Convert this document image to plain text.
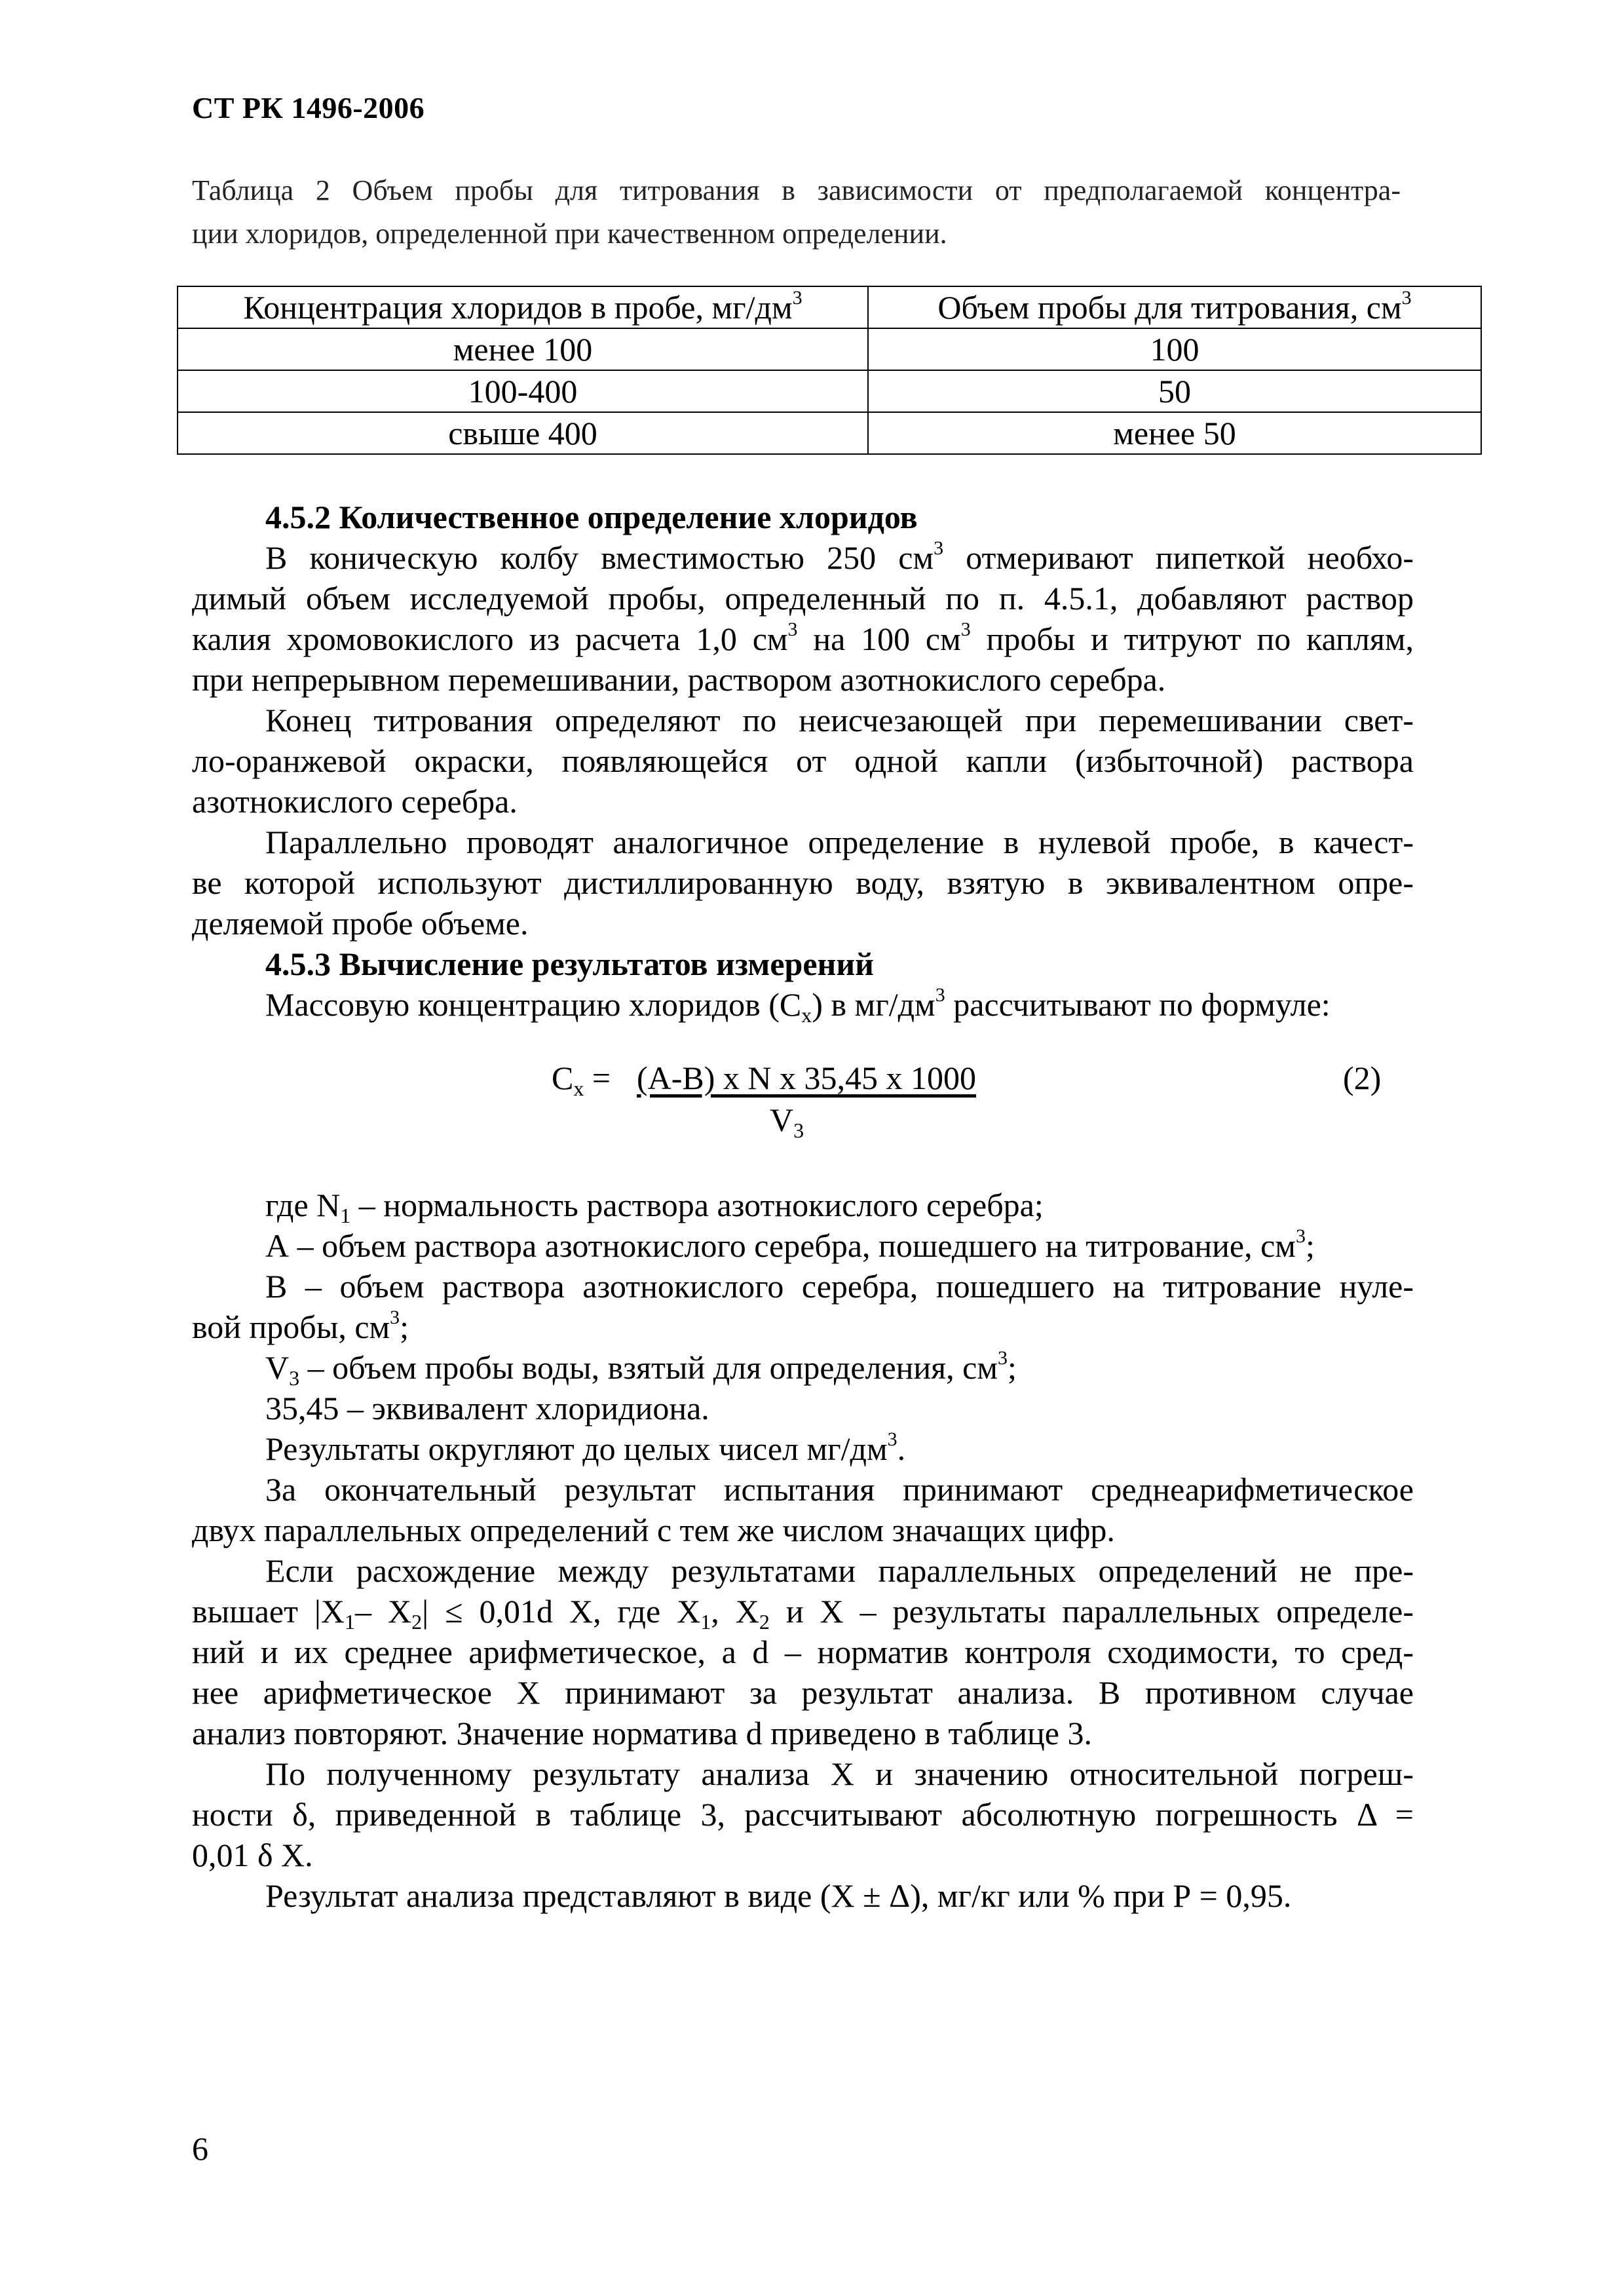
СТ РК 1496-2006
Таблица 2 Объем пробы для титрования в зависимости от предполагаемой концентра-
ции хлоридов, определенной при качественном определении.
Концентрация хлоридов в пробе, $мг/дм^3$	Объем пробы для титрования, $см^3$
менее 100	100
100-400	50
свыше 400	менее 50
4.5.2 Количественное определение хлоридов
В коническую колбу вместимостью 250 $см^3$ отмеривают пипеткой необхо-
димый объем исследуемой пробы, определенный по п. 4.5.1, добавляют раствор
калия хромовокислого из расчета 1,0 $см^3$ на 100 $см^3$ пробы и титруют по каплям,
при непрерывном перемешивании, раствором азотнокислого серебра.
Конец титрования определяют по неисчезающей при перемешивании свет-
ло-оранжевой окраски, появляющейся от одной капли (избыточной) раствора
азотнокислого серебра.
Параллельно проводят аналогичное определение в нулевой пробе, в качест-
ве которой используют дистиллированную воду, взятую в эквивалентном опре-
деляемой пробе объеме.
4.5.3 Вычисление результатов измерений
Массовую концентрацию хлоридов $(С_x)$ в $мг/дм^3$ рассчитывают по формуле:
$С_x = (А-В)$ х N х 35,45 х 1000
$V_3$
(2)
где $N_1$ – нормальность раствора азотнокислого серебра;
А – объем раствора азотнокислого серебра, пошедшего на титрование, $см^3$;
В – объем раствора азотнокислого серебра, пошедшего на титрование нуле-
вой пробы, $см^3$;
$V_3$ – объем пробы воды, взятый для определения, $см^3$;
35,45 – эквивалент хлоридиона.
Результаты округляют до целых чисел $мг/дм^3$.
За окончательный результат испытания принимают среднеарифметическое
двух параллельных определений с тем же числом значащих цифр.
Если расхождение между результатами параллельных определений не пре-
вышает $|X_1-$ $X_2| \le 0,01d$ X, где $X_1$, $X_2$ и X – результаты параллельных определе-
ний и их среднее арифметическое, а d – норматив контроля сходимости, то сред-
нее арифметическое X принимают за результат анализа. В противном случае
анализ повторяют. Значение норматива d приведено в таблице 3.
По полученному результату анализа X и значению относительной погреш-
ности δ, приведенной в таблице 3, рассчитывают абсолютную погрешность Δ =
0,01 δ X.
Результат анализа представляют в виде (X ± Δ), мг/кг или % при Р = 0,95.
6
